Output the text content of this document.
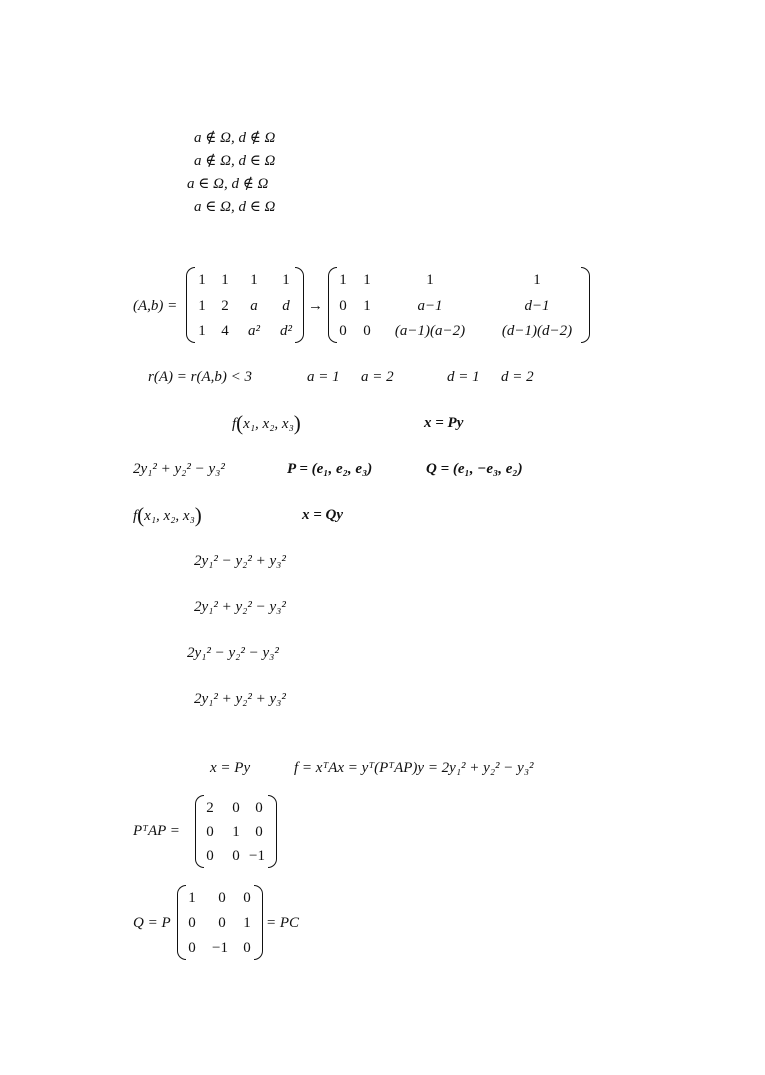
a ∉ Ω, d ∉ Ω
a ∉ Ω, d ∈ Ω
a ∈ Ω, d ∉ Ω
a ∈ Ω, d ∈ Ω
(A,b) =
1 1 1 1
1 2 a d
1 4 a² d²
→
1 1	1	1
0 1	a−1	d−1
0 0 (a−1)(a−2) (d−1)(d−2)
r(A) = r(A,b) < 3	a = 1 a = 2	d = 1 d = 2
f(x₁, x₂, x₃)	x = Py
2y₁² + y₂² − y₃²	P = (e₁, e₂, e₃)	Q = (e₁, −e₃, e₂)
f(x₁, x₂, x₃)	x = Qy
2y₁² − y₂² + y₃²
2y₁² + y₂² − y₃²
2y₁² − y₂² − y₃²
2y₁² + y₂² + y₃²
x = Py	f = xᵀAx = yᵀ(PᵀAP)y = 2y₁² + y₂² − y₃²
PᵀAP =
2 0 0
0 1 0
0 0 −1
Q = P
1 0 0
0 0 1
0 −1 0
= PC
